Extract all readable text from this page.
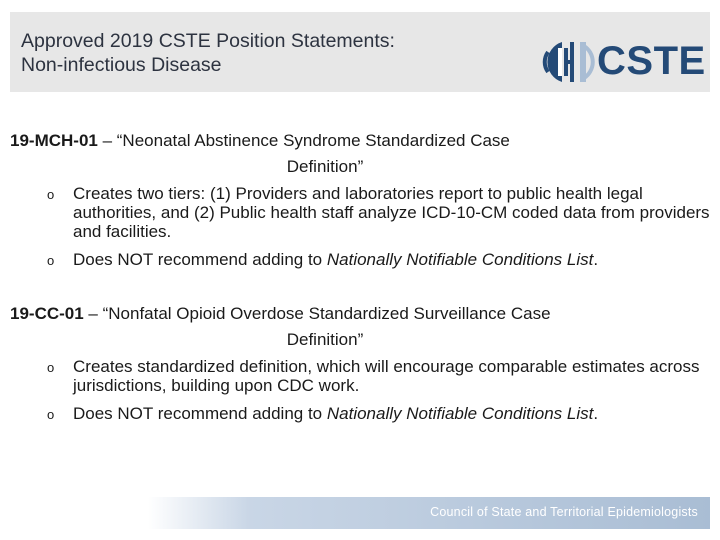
Approved 2019 CSTE Position Statements:
Non-infectious Disease	CSTE
19-MCH-01 – “Neonatal Abstinence Syndrome Standardized Case
Definition”
o Creates two tiers: (1) Providers and laboratories report to public health legal authorities, and (2) Public health staff analyze ICD-10-CM coded data from providers and facilities.
o Does NOT recommend adding to Nationally Notifiable Conditions List.
19-CC-01 – “Nonfatal Opioid Overdose Standardized Surveillance Case
Definition”
o Creates standardized definition, which will encourage comparable estimates across jurisdictions, building upon CDC work.
o Does NOT recommend adding to Nationally Notifiable Conditions List.
Council of State and Territorial Epidemiologists
